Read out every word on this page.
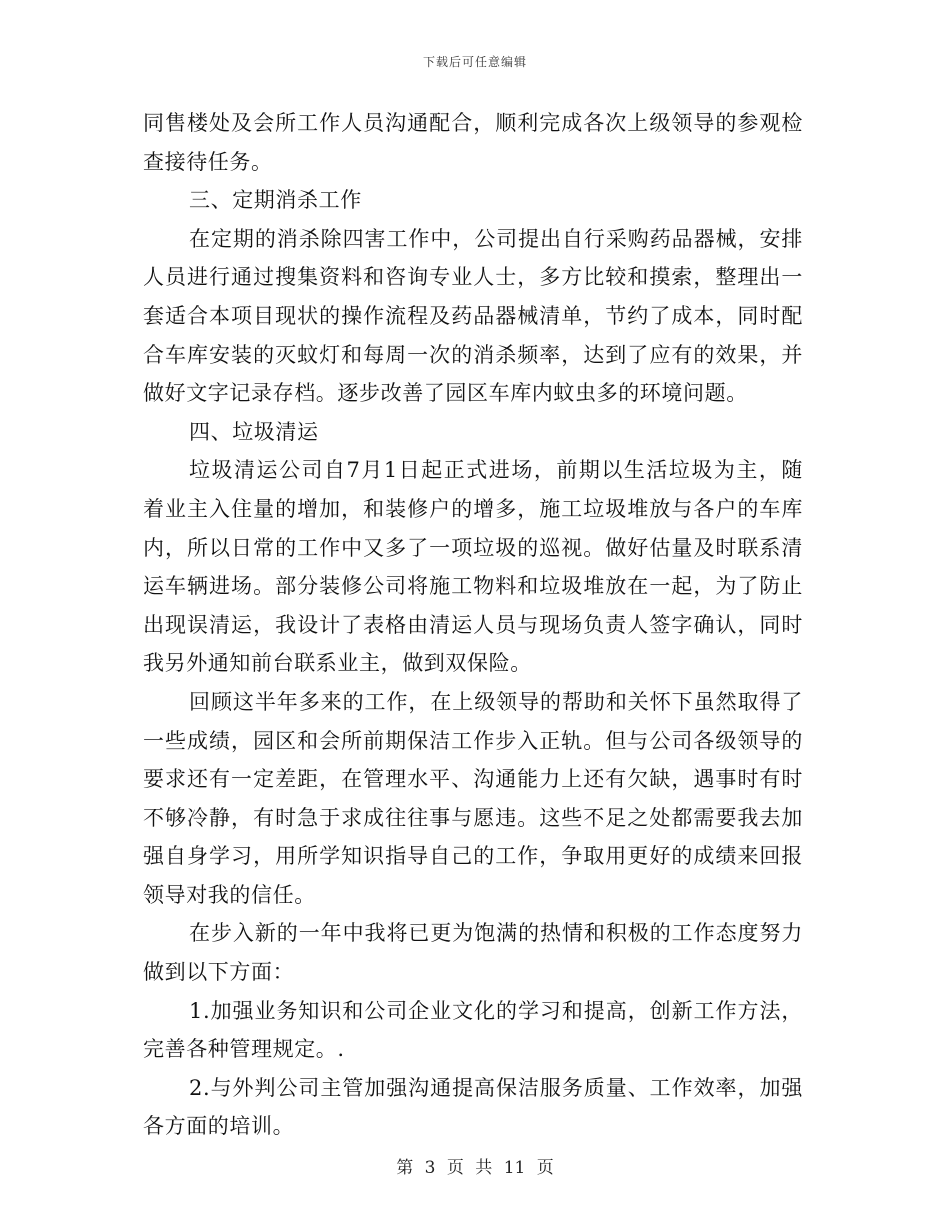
下载后可任意编辑
同售楼处及会所工作人员沟通配合，顺利完成各次上级领导的参观检
查接待任务。
三、定期消杀工作
在定期的消杀除四害工作中，公司提出自行采购药品器械，安排
人员进行通过搜集资料和咨询专业人士，多方比较和摸索，整理出一
套适合本项目现状的操作流程及药品器械清单，节约了成本，同时配
合车库安装的灭蚊灯和每周一次的消杀频率，达到了应有的效果，并
做好文字记录存档。逐步改善了园区车库内蚊虫多的环境问题。
四、垃圾清运
垃圾清运公司自7月1日起正式进场，前期以生活垃圾为主，随
着业主入住量的增加，和装修户的增多，施工垃圾堆放与各户的车库
内，所以日常的工作中又多了一项垃圾的巡视。做好估量及时联系清
运车辆进场。部分装修公司将施工物料和垃圾堆放在一起，为了防止
出现误清运，我设计了表格由清运人员与现场负责人签字确认，同时
我另外通知前台联系业主，做到双保险。
回顾这半年多来的工作，在上级领导的帮助和关怀下虽然取得了
一些成绩，园区和会所前期保洁工作步入正轨。但与公司各级领导的
要求还有一定差距，在管理水平、沟通能力上还有欠缺，遇事时有时
不够冷静，有时急于求成往往事与愿违。这些不足之处都需要我去加
强自身学习，用所学知识指导自己的工作，争取用更好的成绩来回报
领导对我的信任。
在步入新的一年中我将已更为饱满的热情和积极的工作态度努力
做到以下方面：
1.加强业务知识和公司企业文化的学习和提高，创新工作方法，
完善各种管理规定。.
2.与外判公司主管加强沟通提高保洁服务质量、工作效率，加强
各方面的培训。
第 3 页 共 11 页
